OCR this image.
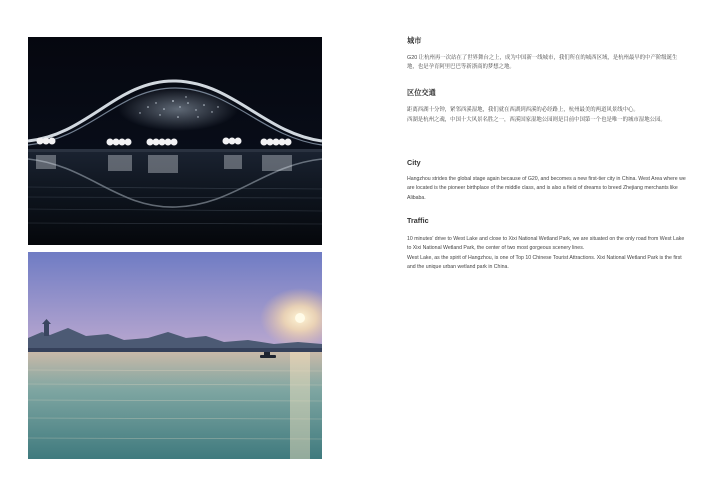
城市

G20 让杭州再一次站在了世界舞台之上，成为中国新一线城市，我们所在的城西区域，是杭州最早的中产阶级诞生地，也是孕育阿里巴巴等新浙商的梦想之地。

区位交通

距离西湖十分钟，紧邻西溪湿地，我们就在西湖到西溪的必经路上，杭州最美的两道风景线中心。

西湖是杭州之魂，中国十大风景名胜之一，西溪国家湿地公园则是目前中国第一个也是唯一的城市湿地公园。

City

Hangzhou strides the global stage again because of G20, and becomes a new first-tier city in China. West Area where we are located is the pioneer birthplace of the middle class, and is also a field of dreams to breed Zhejiang merchants like Alibaba.

Traffic

10 minutes' drive to West Lake and close to Xixi National Wetland Park, we are situated on the only road from West Lake to Xixi National Wetland Park, the center of two most gorgeous scenery lines.

West Lake, as the spirit of Hangzhou, is one of Top 10 Chinese Tourist Attractions. Xixi National Wetland Park is the first and the unique urban wetland park in China.
